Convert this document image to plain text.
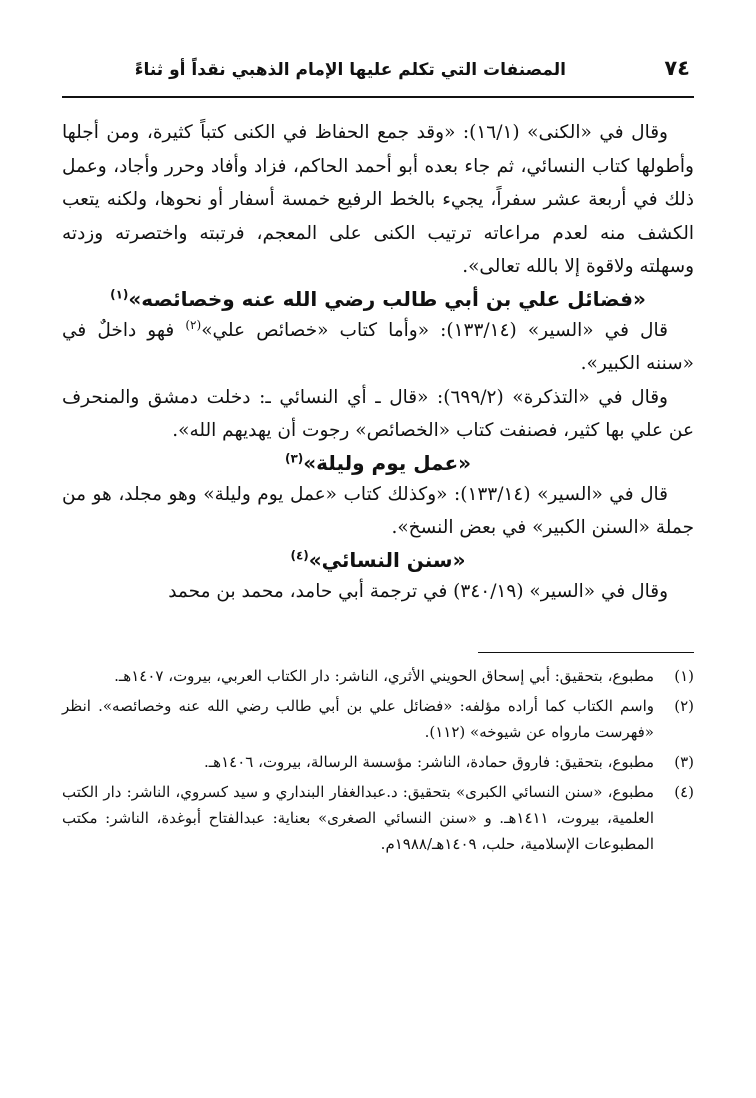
المصنفات التي تكلم عليها الإمام الذهبي نقداً أو ثناءً	٧٤

وقال في «الكنى» (١٦/١): «وقد جمع الحفاظ في الكنى كتباً كثيرة، ومن أجلها وأطولها كتاب النسائي، ثم جاء بعده أبو أحمد الحاكم، فزاد وأفاد وحرر وأجاد، وعمل ذلك في أربعة عشر سفراً، يجيء بالخط الرفيع خمسة أسفار أو نحوها، ولكنه يتعب الكشف منه لعدم مراعاته ترتيب الكنى على المعجم، فرتبته واختصرته وزدته وسهلته ولاقوة إلا بالله تعالى».

«فضائل علي بن أبي طالب رضي الله عنه وخصائصه»$^{(١)}$

قال في «السير» (١٣٣/١٤): «وأما كتاب «خصائص علي»$^{(٢)}$ فهو داخلٌ في «سننه الكبير».

وقال في «التذكرة» (٦٩٩/٢): «قال ـ أي النسائي ـ: دخلت دمشق والمنحرف عن علي بها كثير، فصنفت كتاب «الخصائص» رجوت أن يهديهم الله».

«عمل يوم وليلة»$^{(٣)}$

قال في «السير» (١٣٣/١٤): «وكذلك كتاب «عمل يوم وليلة» وهو مجلد، هو من جملة «السنن الكبير» في بعض النسخ».

«سنن النسائي»$^{(٤)}$

وقال في «السير» (٣٤٠/١٩) في ترجمة أبي حامد، محمد بن محمد

(١)
مطبوع، بتحقيق: أبي إسحاق الحويني الأثري، الناشر: دار الكتاب العربي، بيروت، ١٤٠٧هـ.
(٢)
واسم الكتاب كما أراده مؤلفه: «فضائل علي بن أبي طالب رضي الله عنه وخصائصه». انظر «فهرست مارواه عن شيوخه» (١١٢).
(٣)
مطبوع، بتحقيق: فاروق حمادة، الناشر: مؤسسة الرسالة، بيروت، ١٤٠٦هـ.
(٤)
مطبوع، «سنن النسائي الكبرى» بتحقيق: د.عبدالغفار البنداري و سيد كسروي، الناشر: دار الكتب العلمية، بيروت، ١٤١١هـ. و «سنن النسائي الصغرى» بعناية: عبدالفتاح أبوغدة، الناشر: مكتب المطبوعات الإسلامية، حلب، ١٤٠٩هـ/١٩٨٨م.
